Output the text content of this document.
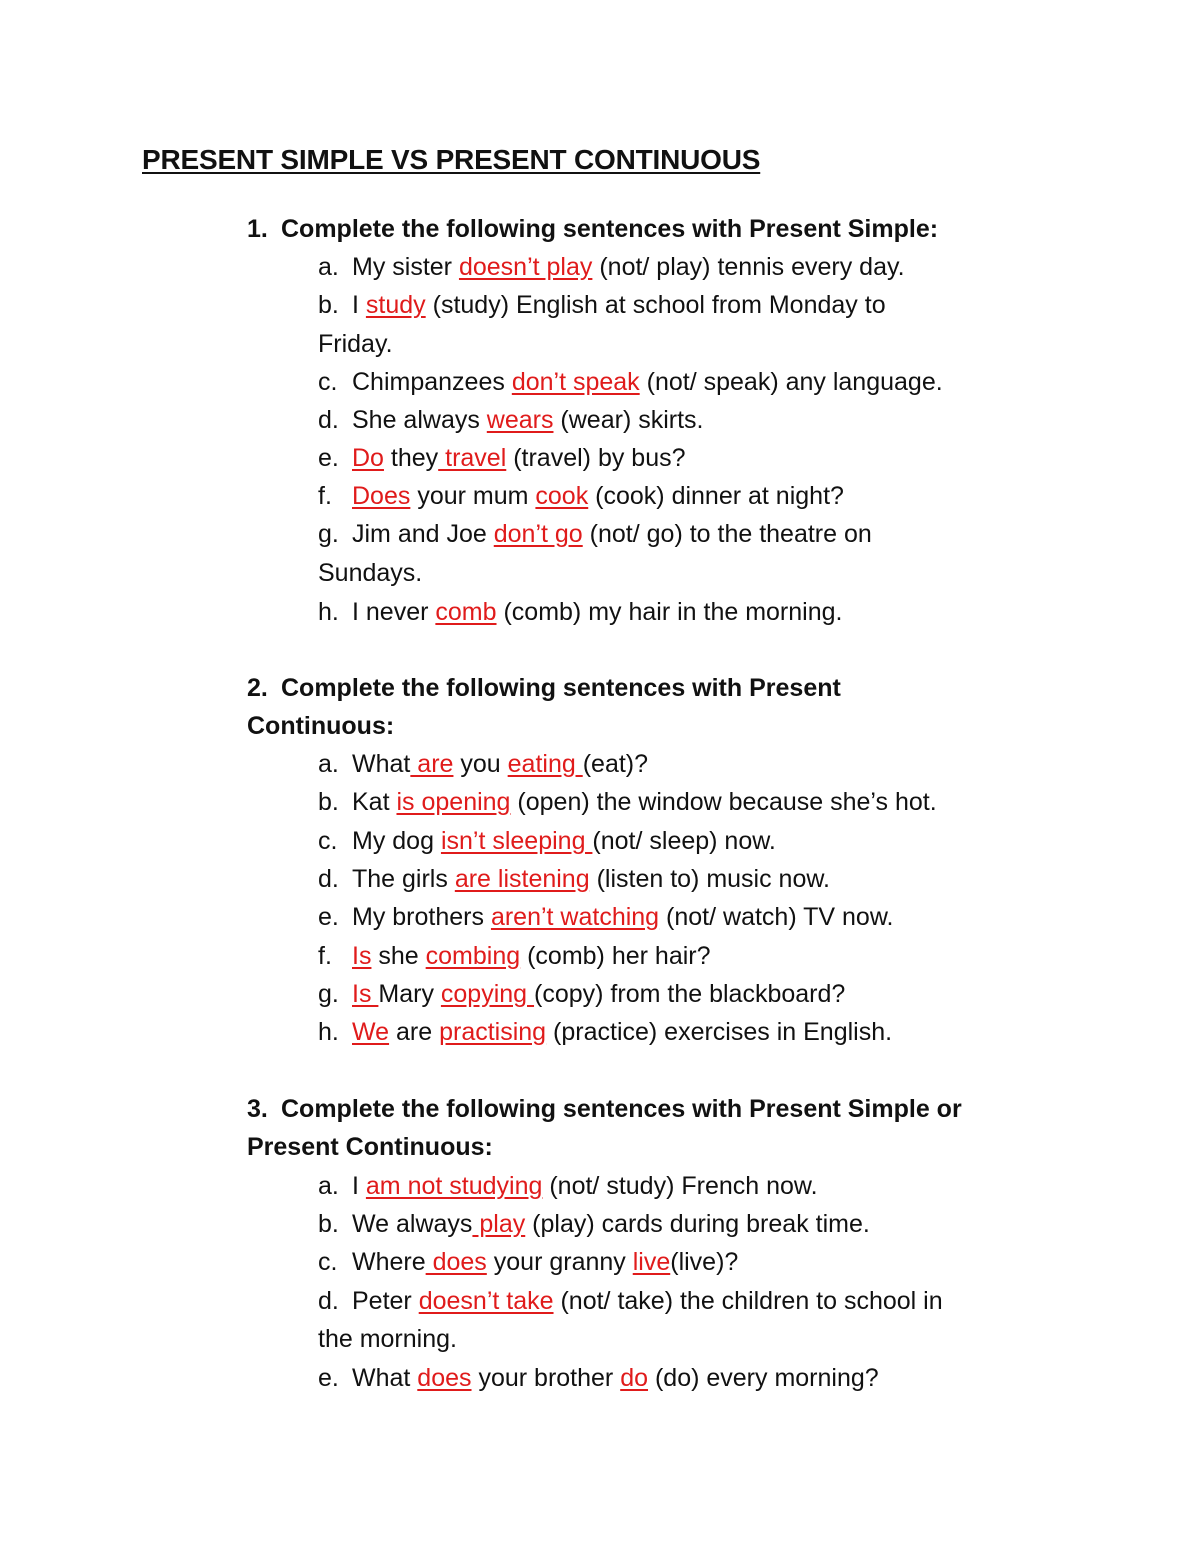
PRESENT SIMPLE VS PRESENT CONTINUOUS
1. Complete the following sentences with Present Simple:
a. My sister doesn’t play (not/ play) tennis every day.
b. I study (study) English at school from Monday to
Friday.
c. Chimpanzees don’t speak (not/ speak) any language.
d. She always wears (wear) skirts.
e. Do they travel (travel) by bus?
f. Does your mum cook (cook) dinner at night?
g. Jim and Joe don’t go (not/ go) to the theatre on
Sundays.
h. I never comb (comb) my hair in the morning.
2. Complete the following sentences with Present
Continuous:
a. What are you eating (eat)?
b. Kat is opening (open) the window because she’s hot.
c. My dog isn’t sleeping (not/ sleep) now.
d. The girls are listening (listen to) music now.
e. My brothers aren’t watching (not/ watch) TV now.
f. Is she combing (comb) her hair?
g. Is Mary copying (copy) from the blackboard?
h. We are practising (practice) exercises in English.
3. Complete the following sentences with Present Simple or
Present Continuous:
a. I am not studying (not/ study) French now.
b. We always play (play) cards during break time.
c. Where does your granny live(live)?
d. Peter doesn’t take (not/ take) the children to school in
the morning.
e. What does your brother do (do) every morning?
